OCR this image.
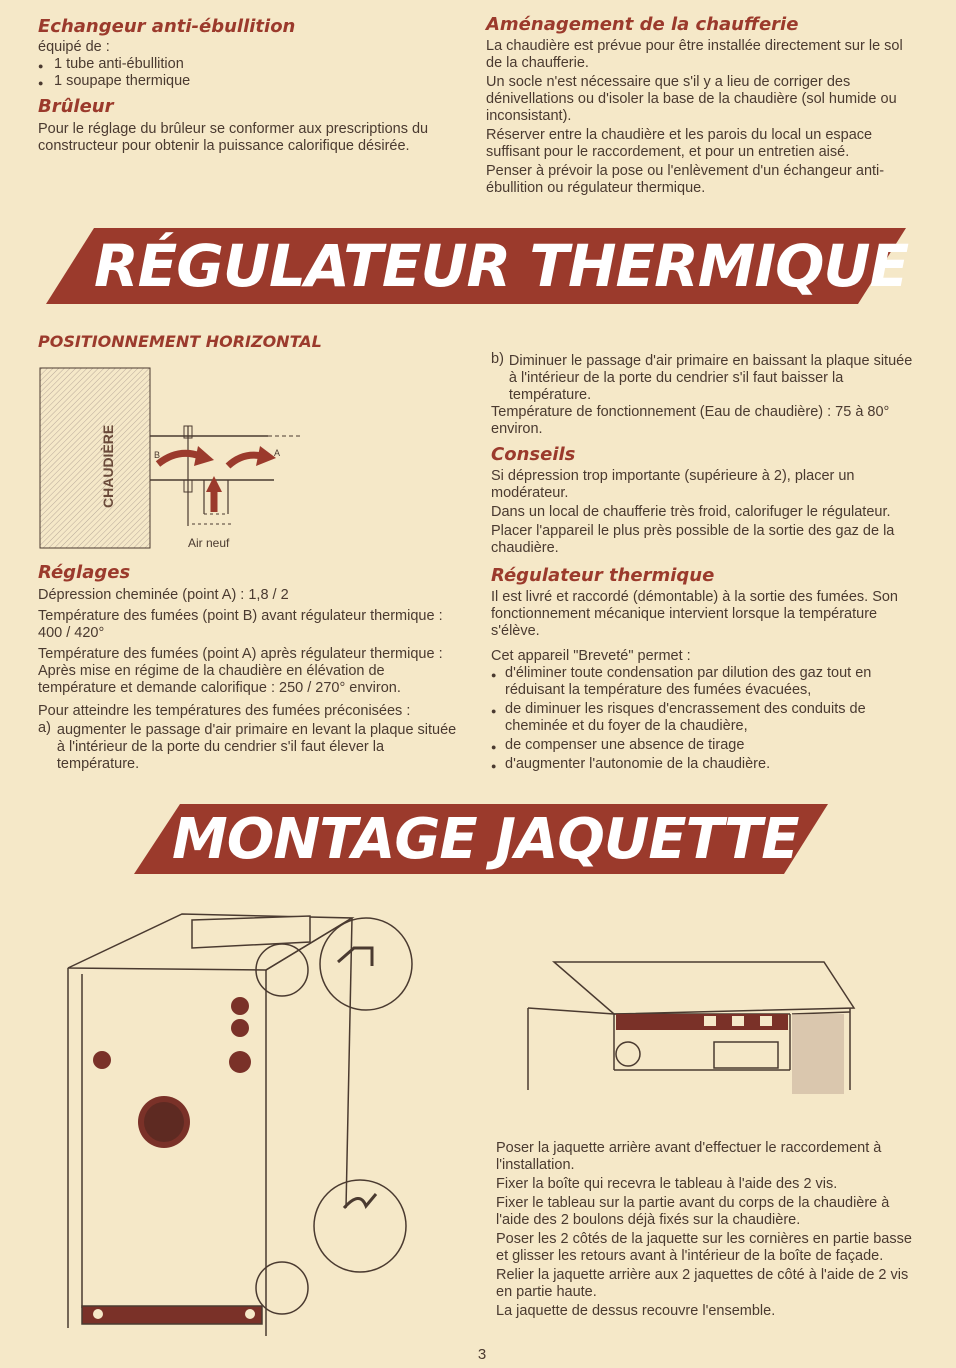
Echangeur anti-ébullition

équipé de :

● 1 tube anti-ébullition
● 1 soupape thermique
Brûleur

Pour le réglage du brûleur se conformer aux prescriptions du constructeur pour obtenir la puissance calorifique désirée.

Aménagement de la chaufferie

La chaudière est prévue pour être installée directement sur le sol de la chaufferie.

Un socle n'est nécessaire que s'il y a lieu de corriger des dénivellations ou d'isoler la base de la chaudière (sol humide ou inconsistant).

Réserver entre la chaudière et les parois du local un espace suffisant pour le raccordement, et pour un entretien aisé.

Penser à prévoir la pose ou l'enlèvement d'un échangeur anti-ébullition ou régulateur thermique.

RÉGULATEUR THERMIQUE
POSITIONNEMENT HORIZONTAL
CHAUDIÈRE	B	A
Air neuf
Réglages

Dépression cheminée (point A) : 1,8 / 2

Température des fumées (point B) avant régulateur thermique : 400 / 420°

Température des fumées (point A) après régulateur thermique : Après mise en régime de la chaudière en élévation de température et demande calorifique : 250 / 270° environ.

Pour atteindre les températures des fumées préconisées :

a) augmenter le passage d'air primaire en levant la plaque située à l'intérieur de la porte du cendrier s'il faut élever la température.
b) Diminuer le passage d'air primaire en baissant la plaque située à l'intérieur de la porte du cendrier s'il faut baisser la température.

Température de fonctionnement (Eau de chaudière) : 75 à 80° environ.

Conseils

Si dépression trop importante (supérieure à 2), placer un modérateur.

Dans un local de chaufferie très froid, calorifuger le régulateur.

Placer l'appareil le plus près possible de la sortie des gaz de la chaudière.

Régulateur thermique

Il est livré et raccordé (démontable) à la sortie des fumées. Son fonctionnement mécanique intervient lorsque la température s'élève.

Cet appareil "Breveté" permet :

● d'éliminer toute condensation par dilution des gaz tout en réduisant la température des fumées évacuées,
● de diminuer les risques d'encrassement des conduits de cheminée et du foyer de la chaudière,
● de compenser une absence de tirage
● d'augmenter l'autonomie de la chaudière.
MONTAGE JAQUETTE

Poser la jaquette arrière avant d'effectuer le raccordement à l'installation.

Fixer la boîte qui recevra le tableau à l'aide des 2 vis.

Fixer le tableau sur la partie avant du corps de la chaudière à l'aide des 2 boulons déjà fixés sur la chaudière.

Poser les 2 côtés de la jaquette sur les cornières en partie basse et glisser les retours avant à l'intérieur de la boîte de façade.

Relier la jaquette arrière aux 2 jaquettes de côté à l'aide de 2 vis en partie haute.

La jaquette de dessus recouvre l'ensemble.

3
